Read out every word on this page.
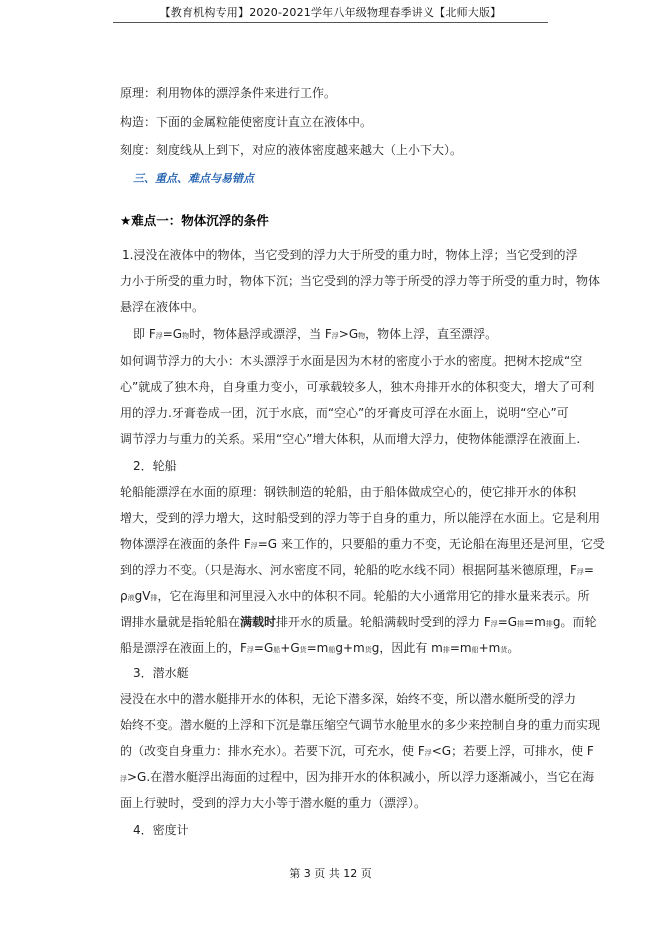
【教育机构专用】2020-2021学年八年级物理春季讲义【北师大版】
原理：利用物体的漂浮条件来进行工作。
构造：下面的金属粒能使密度计直立在液体中。
刻度：刻度线从上到下，对应的液体密度越来越大（上小下大）。
三、重点、难点与易错点
★难点一：物体沉浮的条件
1.浸没在液体中的物体，当它受到的浮力大于所受的重力时，物体上浮；当它受到的浮
力小于所受的重力时，物体下沉；当它受到的浮力等于所受的浮力等于所受的重力时，物体
悬浮在液体中。
即 F浮=G物时，物体悬浮或漂浮，当 F浮>G物，物体上浮，直至漂浮。
如何调节浮力的大小：木头漂浮于水面是因为木材的密度小于水的密度。把树木挖成“空
心”就成了独木舟，自身重力变小，可承载较多人，独木舟排开水的体积变大，增大了可利
用的浮力.牙膏卷成一团，沉于水底，而“空心”的牙膏皮可浮在水面上，说明“空心”可
调节浮力与重力的关系。采用“空心”增大体积，从而增大浮力，使物体能漂浮在液面上.
2．轮船
轮船能漂浮在水面的原理：钢铁制造的轮船，由于船体做成空心的，使它排开水的体积
增大，受到的浮力增大，这时船受到的浮力等于自身的重力，所以能浮在水面上。它是利用
物体漂浮在液面的条件 F浮=G 来工作的，只要船的重力不变，无论船在海里还是河里，它受
到的浮力不变。（只是海水、河水密度不同，轮船的吃水线不同）根据阿基米德原理，F浮=
ρ液gV排，它在海里和河里浸入水中的体积不同。轮船的大小通常用它的排水量来表示。所
谓排水量就是指轮船在满载时排开水的质量。轮船满载时受到的浮力 F浮=G排=m排g。而轮
船是漂浮在液面上的，F浮=G船+G货=m船g+m货g，因此有 m排=m船+m货。
3．潜水艇
浸没在水中的潜水艇排开水的体积，无论下潜多深，始终不变，所以潜水艇所受的浮力
始终不变。潜水艇的上浮和下沉是靠压缩空气调节水舱里水的多少来控制自身的重力而实现
的（改变自身重力：排水充水）。若要下沉，可充水，使 F浮<G；若要上浮，可排水，使 F
浮>G.在潜水艇浮出海面的过程中，因为排开水的体积减小，所以浮力逐渐减小，当它在海
面上行驶时，受到的浮力大小等于潜水艇的重力（漂浮）。
4．密度计
第 3 页 共 12 页
